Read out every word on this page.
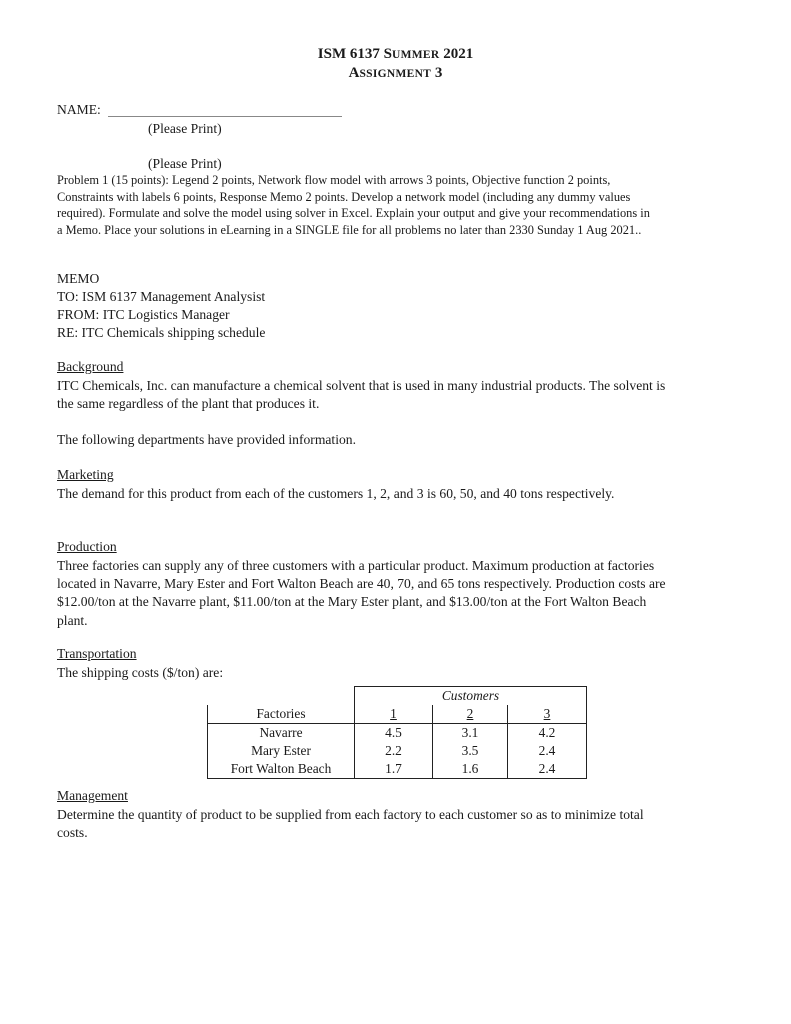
ISM 6137 SUMMER 2021
ASSIGNMENT 3
NAME:
(Please Print)
(Please Print)
Problem 1 (15 points): Legend 2 points, Network flow model with arrows 3 points, Objective function 2 points, Constraints with labels 6 points, Response Memo 2 points. Develop a network model (including any dummy values required). Formulate and solve the model using solver in Excel. Explain your output and give your recommendations in a Memo. Place your solutions in eLearning in a SINGLE file for all problems no later than 2330 Sunday 1 Aug 2021..
MEMO
TO: ISM 6137 Management Analysist
FROM: ITC Logistics Manager
RE: ITC Chemicals shipping schedule
Background
ITC Chemicals, Inc. can manufacture a chemical solvent that is used in many industrial products. The solvent is the same regardless of the plant that produces it.
The following departments have provided information.
Marketing
The demand for this product from each of the customers 1, 2, and 3 is 60, 50, and 40 tons respectively.
Production
Three factories can supply any of three customers with a particular product. Maximum production at factories located in Navarre, Mary Ester and Fort Walton Beach are 40, 70, and 65 tons respectively. Production costs are $12.00/ton at the Navarre plant, $11.00/ton at the Mary Ester plant, and $13.00/ton at the Fort Walton Beach plant.
Transportation
The shipping costs ($/ton) are:
	Customers		
Factories	1	2	3
Navarre	4.5	3.1	4.2
Mary Ester	2.2	3.5	2.4
Fort Walton Beach	1.7	1.6	2.4
Management
Determine the quantity of product to be supplied from each factory to each customer so as to minimize total costs.
